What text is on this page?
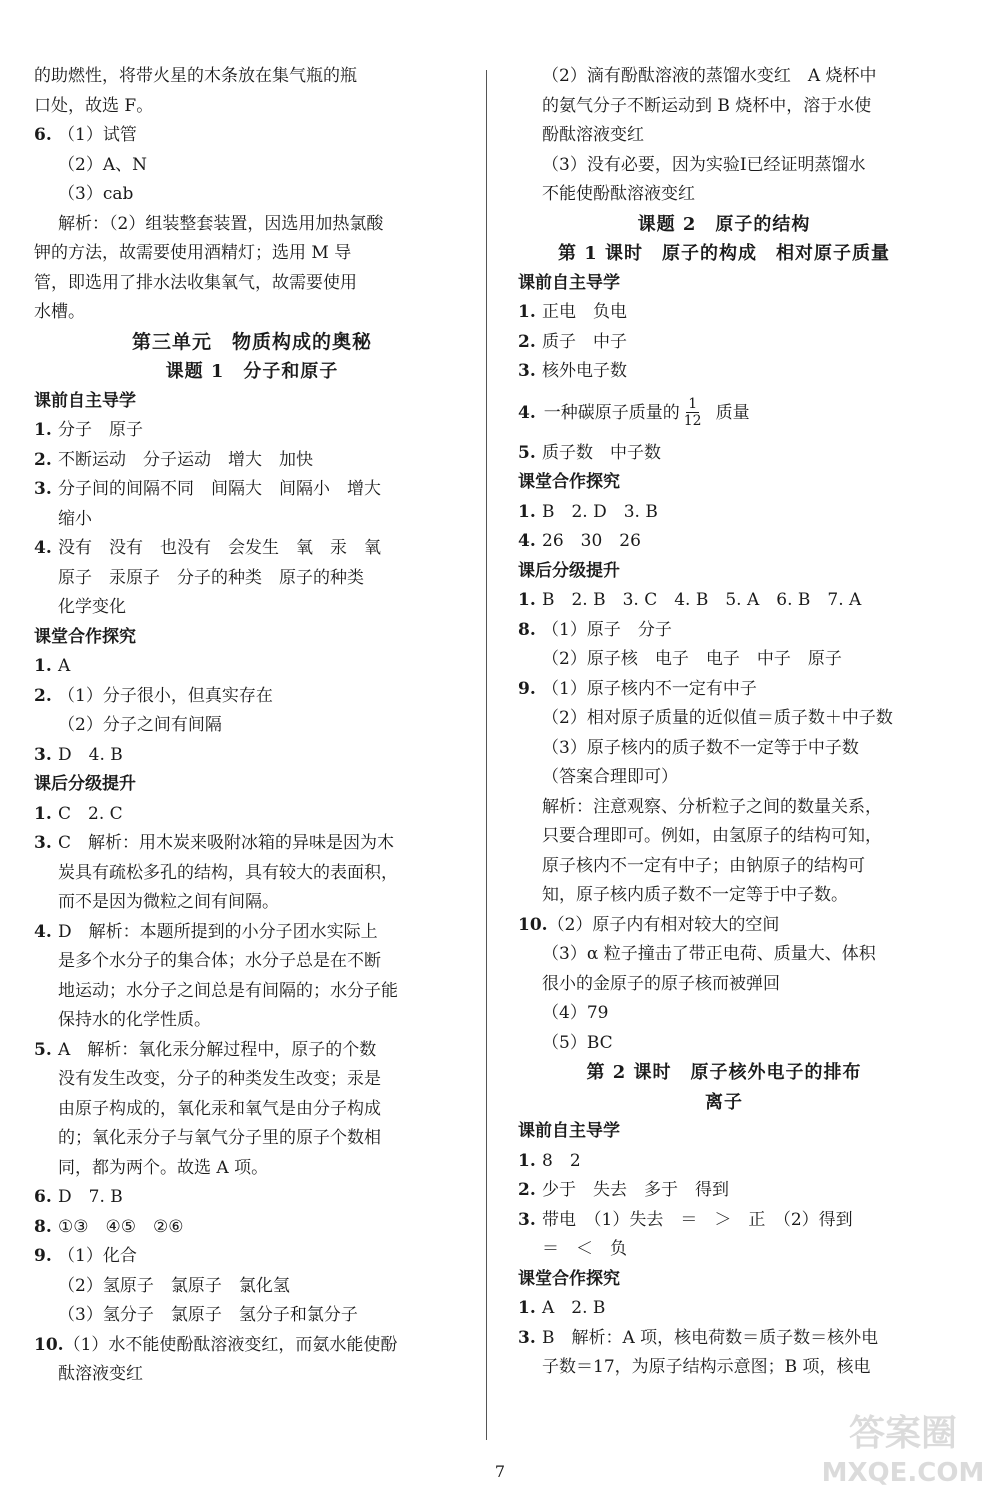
的助燃性，将带火星的木条放在集气瓶的瓶
口处，故选 F。
6. （1）试管
（2）A、N
（3）cab
解析：（2）组装整套装置，因选用加热氯酸
钾的方法，故需要使用酒精灯；选用 M 导
管，即选用了排水法收集氧气，故需要使用
水槽。
第三单元　物质构成的奥秘
课题 1　分子和原子
课前自主导学
1. 分子　原子
2. 不断运动　分子运动　增大　加快
3. 分子间的间隔不同　间隔大　间隔小　增大
缩小
4. 没有　没有　也没有　会发生　氧　汞　氧
原子　汞原子　分子的种类　原子的种类
化学变化
课堂合作探究
1. A
2. （1）分子很小，但真实存在
（2）分子之间有间隔
3. D　4. B
课后分级提升
1. C　2. C
3. C　解析：用木炭来吸附冰箱的异味是因为木
炭具有疏松多孔的结构，具有较大的表面积，
而不是因为微粒之间有间隔。
4. D　解析：本题所提到的小分子团水实际上
是多个水分子的集合体；水分子总是在不断
地运动；水分子之间总是有间隔的；水分子能
保持水的化学性质。
5. A　解析：氧化汞分解过程中，原子的个数
没有发生改变，分子的种类发生改变；汞是
由原子构成的，氧化汞和氧气是由分子构成
的；氧化汞分子与氧气分子里的原子个数相
同，都为两个。故选 A 项。
6. D　7. B
8. ①③　④⑤　②⑥
9. （1）化合
（2）氢原子　氯原子　氯化氢
（3）氢分子　氯原子　氢分子和氯分子
10.（1）水不能使酚酞溶液变红，而氨水能使酚
酞溶液变红
（2）滴有酚酞溶液的蒸馏水变红　A 烧杯中
的氨气分子不断运动到 B 烧杯中，溶于水使
酚酞溶液变红
（3）没有必要，因为实验Ⅰ已经证明蒸馏水
不能使酚酞溶液变红
课题 2　原子的结构
第 1 课时　原子的构成　相对原子质量
课前自主导学
1. 正电　负电
2. 质子　中子
3. 核外电子数
4. 一种碳原子质量的 $\frac{1}{12}$ 质量
5. 质子数　中子数
课堂合作探究
1. B　2. D　3. B
4. 26　30　26
课后分级提升
1. B　2. B　3. C　4. B　5. A　6. B　7. A
8. （1）原子　分子
（2）原子核　电子　电子　中子　原子
9. （1）原子核内不一定有中子
（2）相对原子质量的近似值＝质子数＋中子数
（3）原子核内的质子数不一定等于中子数
（答案合理即可）
解析：注意观察、分析粒子之间的数量关系，
只要合理即可。例如，由氢原子的结构可知，
原子核内不一定有中子；由钠原子的结构可
知，原子核内质子数不一定等于中子数。
10.（2）原子内有相对较大的空间
（3）α 粒子撞击了带正电荷、质量大、体积
很小的金原子的原子核而被弹回
（4）79
（5）BC
第 2 课时　原子核外电子的排布
离子
课前自主导学
1. 8　2
2. 少于　失去　多于　得到
3. 带电　（1）失去　＝　＞　正　（2）得到
＝　＜　负
课堂合作探究
1. A　2. B
3. B　解析：A 项，核电荷数＝质子数＝核外电
子数＝17，为原子结构示意图；B 项，核电
7
答案圈
MXQE.COM
